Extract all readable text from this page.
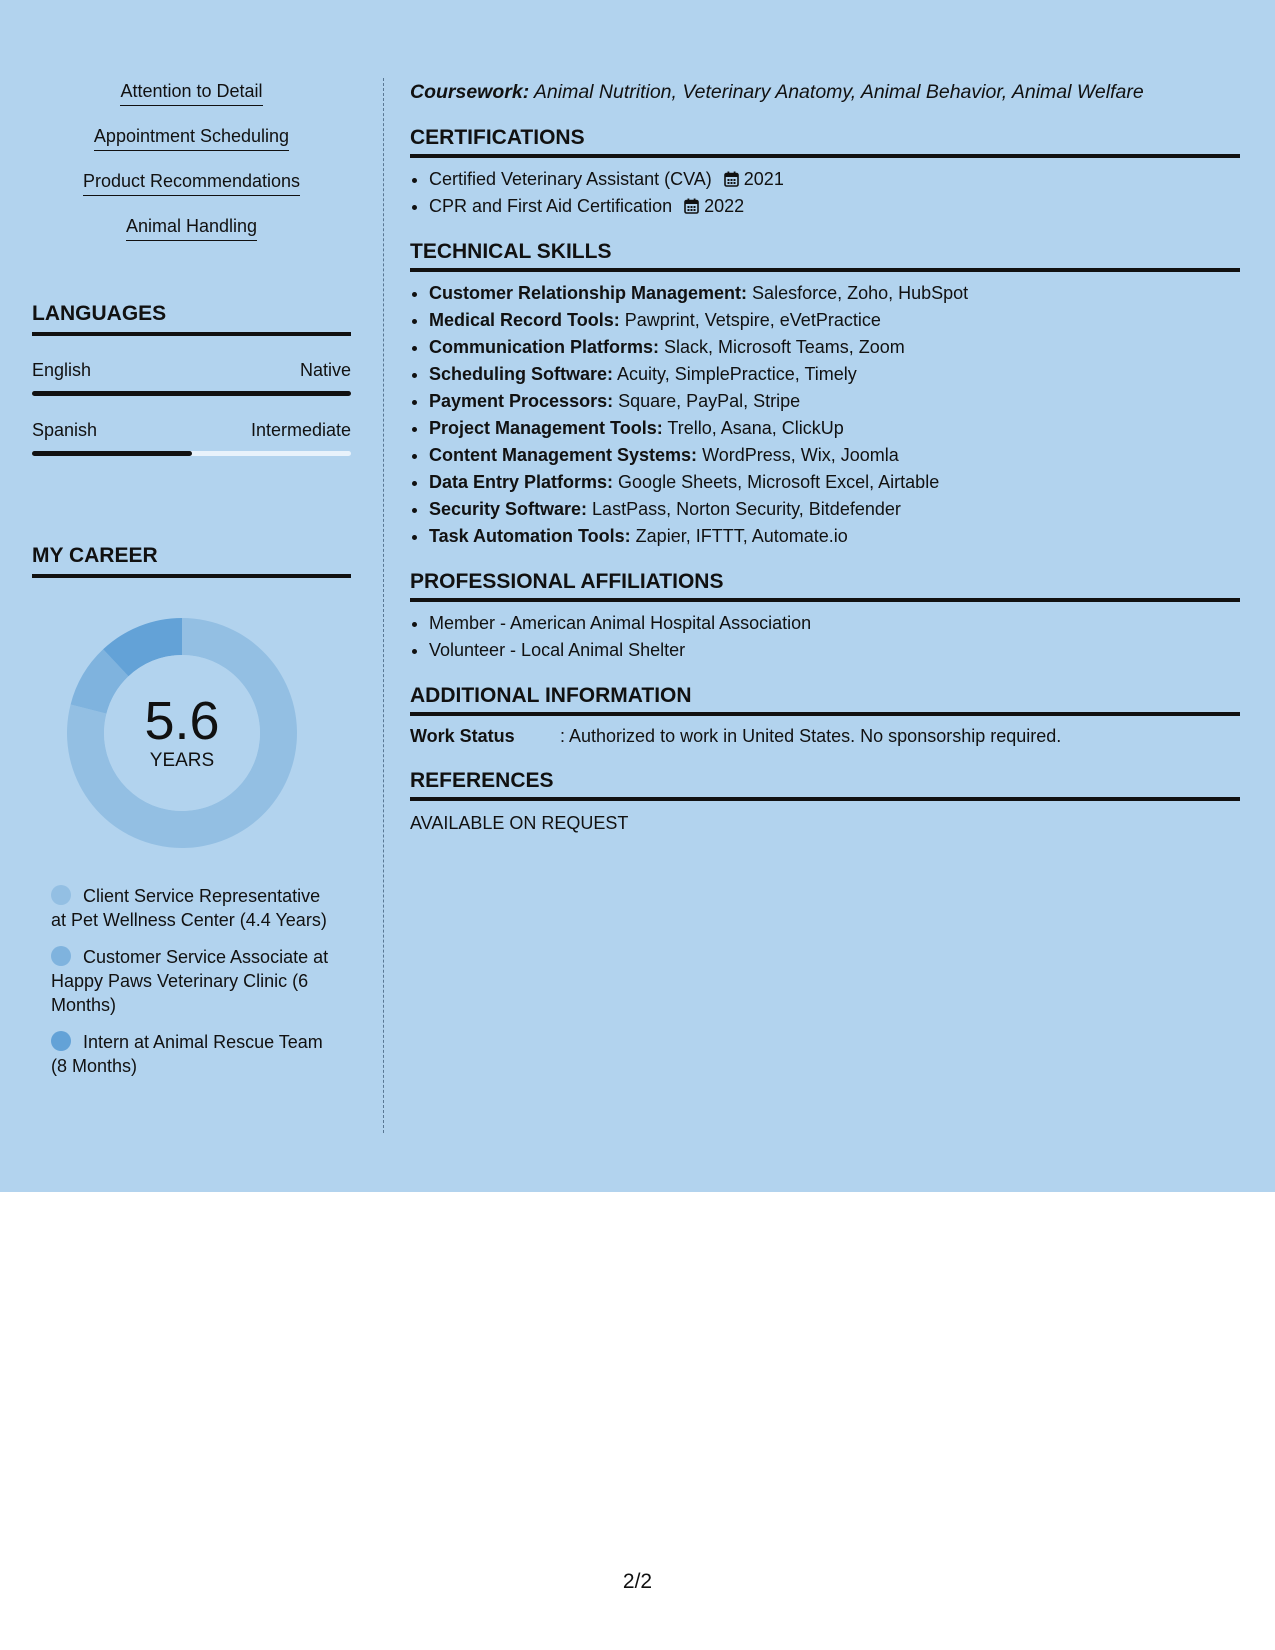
Attention to Detail
Appointment Scheduling
Product Recommendations
Animal Handling
LANGUAGES
English	Native
Spanish	Intermediate
MY CAREER
5.6
YEARS
Client Service Representative at Pet Wellness Center (4.4 Years)
Customer Service Associate at Happy Paws Veterinary Clinic (6 Months)
Intern at Animal Rescue Team (8 Months)
Coursework: Animal Nutrition, Veterinary Anatomy, Animal Behavior, Animal Welfare
CERTIFICATIONS
• Certified Veterinary Assistant (CVA) 2021
• CPR and First Aid Certification 2022
TECHNICAL SKILLS
• Customer Relationship Management: Salesforce, Zoho, HubSpot
• Medical Record Tools: Pawprint, Vetspire, eVetPractice
• Communication Platforms: Slack, Microsoft Teams, Zoom
• Scheduling Software: Acuity, SimplePractice, Timely
• Payment Processors: Square, PayPal, Stripe
• Project Management Tools: Trello, Asana, ClickUp
• Content Management Systems: WordPress, Wix, Joomla
• Data Entry Platforms: Google Sheets, Microsoft Excel, Airtable
• Security Software: LastPass, Norton Security, Bitdefender
• Task Automation Tools: Zapier, IFTTT, Automate.io
PROFESSIONAL AFFILIATIONS
• Member - American Animal Hospital Association
• Volunteer - Local Animal Shelter
ADDITIONAL INFORMATION
Work Status	: Authorized to work in United States. No sponsorship required.
REFERENCES
AVAILABLE ON REQUEST
2/2
